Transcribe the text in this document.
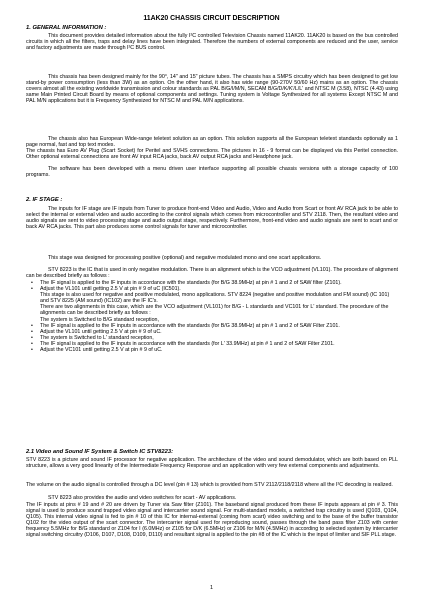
11AK20 CHASSIS CIRCUIT DESCRIPTION
1. GENERAL INFORMATION :
This document provides detailed information about the fully I²C controlled Television Chassis named 11AK20. 11AK20 is based on the bus controlled circuits in which all the filters, traps and delay lines have been integrated. Therefore the numbers of external components are reduced and the user, service and factory adjustments are made through I²C BUS control.
This chassis has been designed mainly for the 90°, 14" and 15" picture tubes. The chassis has a SMPS circuitry which has been designed to get low stand-by power consumption (less than 3W) as an option. On the other hand, it also has wide range (90-270V 50/60 Hz) mains as an option. The chassis covers almost all the existing worldwide transmission and colour standards as PAL B/G/I/M/N, SECAM B/G/D/K/K'/L/L' and NTSC M (3.58), NTSC (4.43) using same Main Printed Circuit Board by means of optional components and settings. Tuning system is Voltage Synthesized for all systems Except NTSC M and PAL M/N applications but it is Frequency Synthesized for NTSC M and PAL M/N applications.
The chassis also has European Wide-range teletext solution as an option. This solution supports all the European teletext standards optionally as 1 page normal, fast and top text modes.
The chassis has Euro AV Plug (Scart Socket) for Peritel and SVHS connections. The pictures in 16 - 9 format can be displayed via this Peritel connection. Other optional external connections are front AV input RCA jacks, back AV output RCA jacks and Headphone jack.
The software has been developed with a menu driven user interface supporting all possible chassis versions with a storage capacity of 100 programs.
2. IF STAGE :
The inputs for IF stage are IF inputs from Tuner to produce front-end Video and Audio, Video and Audio from Scart or front AV RCA jack to be able to select the internal or external video and audio according to the control signals which comes from microcontroller and STV 2118. Then, the resultant video and audio signals are sent to video processing stage and audio output stage, respectively. Furthermore, front-end video and audio signals are sent to scart and or back AV RCA jacks. This part also produces some control signals for tuner and microcontroller.
This stage was designed for processing positive (optional) and negative modulated mono and one scart applications.
STV 8223 is the IC that is used in only negative modulation. There is an alignment which is the VCO adjustment (VL101). The procedure of alignment can be described briefly as follows :
• The IF signal is applied to the IF inputs in accordance with the standards (for B/G 38.9MHz) at pin # 1 and 2 of SAW filter (Z101).
• Adjust the VL101 until getting 2.5 V at pin # 9 of uC (IC501).
This stage is also used for negative and positive modulated, mono applications. STV 8224 (negative and positive modulation and FM sound) (IC 101) and STV 8225 (AM sound) (IC102) are the IF IC's.
There are two alignments in this case, which are the VCO adjustment (VL101) for B/G - L standards and VC101 for L' standard. The procedure of the alignments can be described briefly as follows :
The system is Switched to B/G standard reception,
• The IF signal is applied to the IF inputs in accordance with the standards (for B/G 38.9MHz) at pin # 1 and 2 of SAW Filter Z101.
• Adjust the VL101 until getting 2.5 V at pin # 9 of uC.
• The system is Switched to L' standard reception,
• The IF signal is applied to the IF inputs in accordance with the standards (for L' 33.9MHz) at pin # 1 and 2 of SAW Filter Z101.
• Adjust the VC101 until getting 2.5 V at pin # 9 of uC.
2.1 Video and Sound IF System & Switch IC STV8223:
STV 8223 is a picture and sound IF processor for negative application. The architecture of the video and sound demodulator, which are both based on PLL structure, allows a very good linearity of the Intermediate Frequency Response and an application with very few external components and adjustments.
The volume on the audio signal is controlled through a DC level (pin # 13) which is provided from STV 2112/2118/2118 where all the I²C decoding is realized.
STV 8223 also provides the audio and video switches for scart - AV applications.
The IF inputs at pins # 19 and # 20 are driven by Tuner via Saw filter (Z101). The baseband signal produced from these IF inputs appears at pin # 3. This signal is used to produce sound trapped video signal and intercarrier sound signal. For multi-standard models, a switched trap circuitry is used (Q103, Q104, Q105). This internal video signal is fed to pin # 10 of this IC for internal-external (coming from scart) video switching and to the base of the buffer transistor Q102 for the video output of the scart connector. The intercarrier signal used for reproducing sound, passes through the band pass filter Z103 with center frequency 5.5MHz for B/G standard or Z104 for I (6.0MHz) or Z105 for D/K (6.5MHz) or Z106 for M/N (4.5MHz) in according to selected system by intercarrier signal switching circuitry (D106, D107, D108, D109, D110) and resultant signal is applied to the pin #8 of the IC which is the input of limiter and SIF PLL stage.
1
